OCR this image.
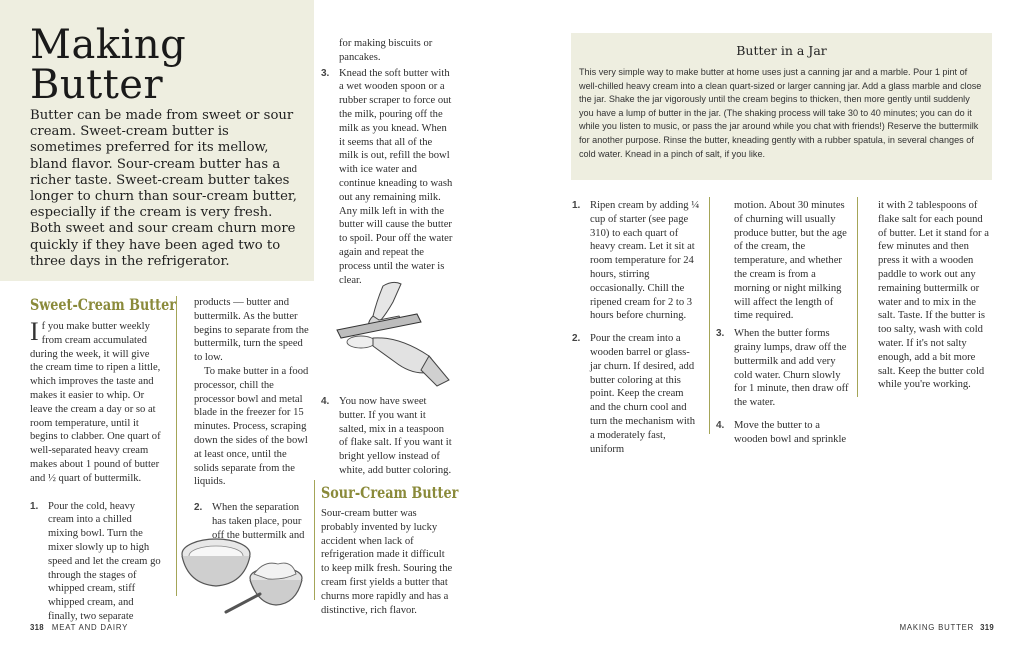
Making
Butter
Butter can be made from sweet or sour cream. Sweet-cream butter is sometimes preferred for its mellow, bland flavor. Sour-cream butter has a richer taste. Sweet-cream butter takes longer to churn than sour-cream butter, especially if the cream is very fresh. Both sweet and sour cream churn more quickly if they have been aged two to three days in the refrigerator.
Sweet-Cream Butter

If you make butter weekly from cream accumulated during the week, it will give the cream time to ripen a little, which improves the taste and makes it easier to whip. Or leave the cream a day or so at room temperature, until it begins to clabber. One quart of well-separated heavy cream makes about 1 pound of butter and ½ quart of buttermilk.

1. Pour the cold, heavy cream into a chilled mixing bowl. Turn the mixer slowly up to high speed and let the cream go through the stages of whipped cream, stiff whipped cream, and finally, two separate

products — butter and buttermilk. As the butter begins to separate from the buttermilk, turn the speed to low.

To make butter in a food processor, chill the processor bowl and metal blade in the freezer for 15 minutes. Process, scraping down the sides of the bowl at least once, until the solids separate from the liquids.

2. When the separation has taken place, pour off the buttermilk and

for making biscuits or pancakes.

3. Knead the soft butter with a wet wooden spoon or a rubber scraper to force out the milk, pouring off the milk as you knead. When it seems that all of the milk is out, refill the bowl with ice water and continue kneading to wash out any remaining milk. Any milk left in with the butter will cause the butter to spoil. Pour off the water again and repeat the process until the water is clear.
4. You now have sweet butter. If you want it salted, mix in a teaspoon of flake salt. If you want it bright yellow instead of white, add butter coloring.
Sour-Cream Butter

Sour-cream butter was probably invented by lucky accident when lack of refrigeration made it difficult to keep milk fresh. Souring the cream first yields a butter that churns more rapidly and has a distinctive, rich flavor.

318 MEAT AND DAIRY
Butter in a Jar
This very simple way to make butter at home uses just a canning jar and a marble. Pour 1 pint of well-chilled heavy cream into a clean quart-sized or larger canning jar. Add a glass marble and close the jar. Shake the jar vigorously until the cream begins to thicken, then more gently until suddenly you have a lump of butter in the jar. (The shaking process will take 30 to 40 minutes; you can do it while you listen to music, or pass the jar around while you chat with friends!) Reserve the buttermilk for another purpose. Rinse the butter, kneading gently with a rubber spatula, in several changes of cold water. Knead in a pinch of salt, if you like.
1. Ripen cream by adding ¼ cup of starter (see page 310) to each quart of heavy cream. Let it sit at room temperature for 24 hours, stirring occasionally. Chill the ripened cream for 2 to 3 hours before churning.
2. Pour the cream into a wooden barrel or glass-jar churn. If desired, add butter coloring at this point. Keep the cream and the churn cool and turn the mechanism with a moderately fast, uniform

motion. About 30 minutes of churning will usually produce butter, but the age of the cream, the temperature, and whether the cream is from a morning or night milking will affect the length of time required.

3. When the butter forms grainy lumps, draw off the buttermilk and add very cold water. Churn slowly for 1 minute, then draw off the water.
4. Move the butter to a wooden bowl and sprinkle

it with 2 tablespoons of flake salt for each pound of butter. Let it stand for a few minutes and then press it with a wooden paddle to work out any remaining buttermilk or water and to mix in the salt. Taste. If the butter is too salty, wash with cold water. If it's not salty enough, add a bit more salt. Keep the butter cold while you're working.

MAKING BUTTER 319
